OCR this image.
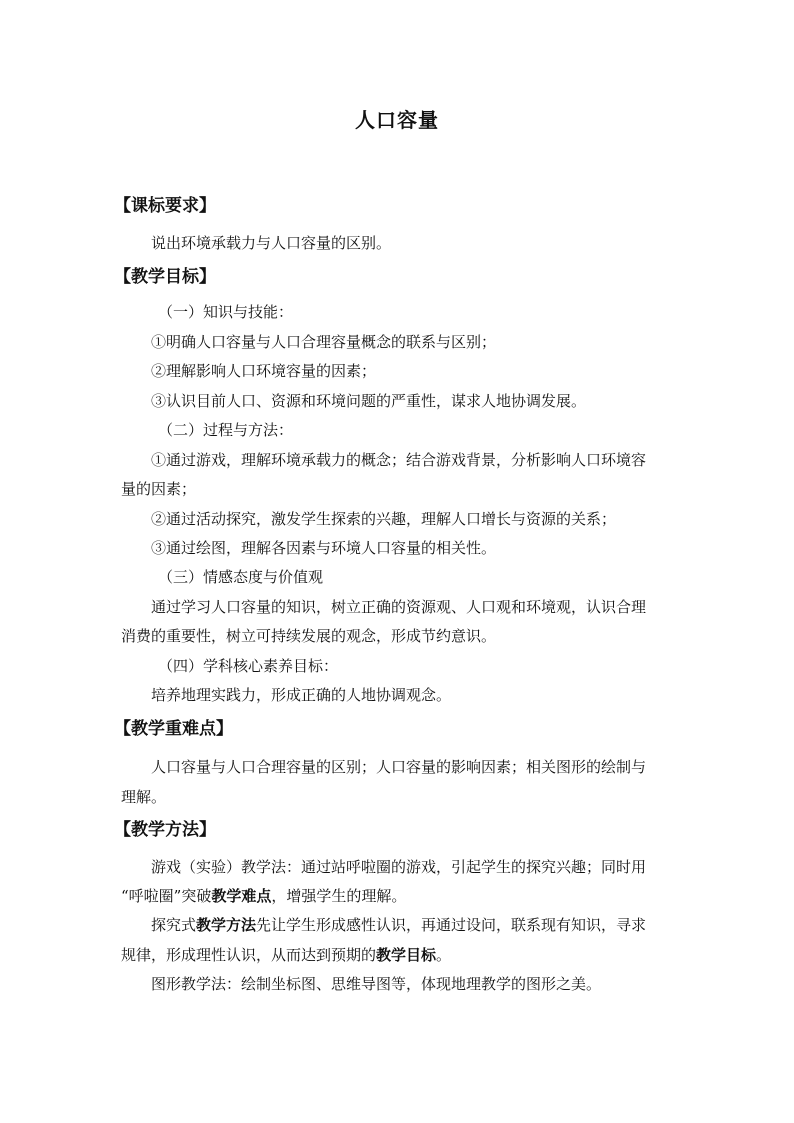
人口容量
【课标要求】
说出环境承载力与人口容量的区别。
【教学目标】
（一）知识与技能：
①明确人口容量与人口合理容量概念的联系与区别；
②理解影响人口环境容量的因素；
③认识目前人口、资源和环境问题的严重性，谋求人地协调发展。
（二）过程与方法：
①通过游戏，理解环境承载力的概念；结合游戏背景，分析影响人口环境容
量的因素；
②通过活动探究，激发学生探索的兴趣，理解人口增长与资源的关系；
③通过绘图，理解各因素与环境人口容量的相关性。
（三）情感态度与价值观
通过学习人口容量的知识，树立正确的资源观、人口观和环境观，认识合理
消费的重要性，树立可持续发展的观念，形成节约意识。
（四）学科核心素养目标：
培养地理实践力，形成正确的人地协调观念。
【教学重难点】
人口容量与人口合理容量的区别；人口容量的影响因素；相关图形的绘制与
理解。
【教学方法】
游戏（实验）教学法：通过站呼啦圈的游戏，引起学生的探究兴趣；同时用
“呼啦圈”突破教学难点，增强学生的理解。
探究式教学方法先让学生形成感性认识，再通过设问，联系现有知识，寻求
规律，形成理性认识，从而达到预期的教学目标。
图形教学法：绘制坐标图、思维导图等，体现地理教学的图形之美。
